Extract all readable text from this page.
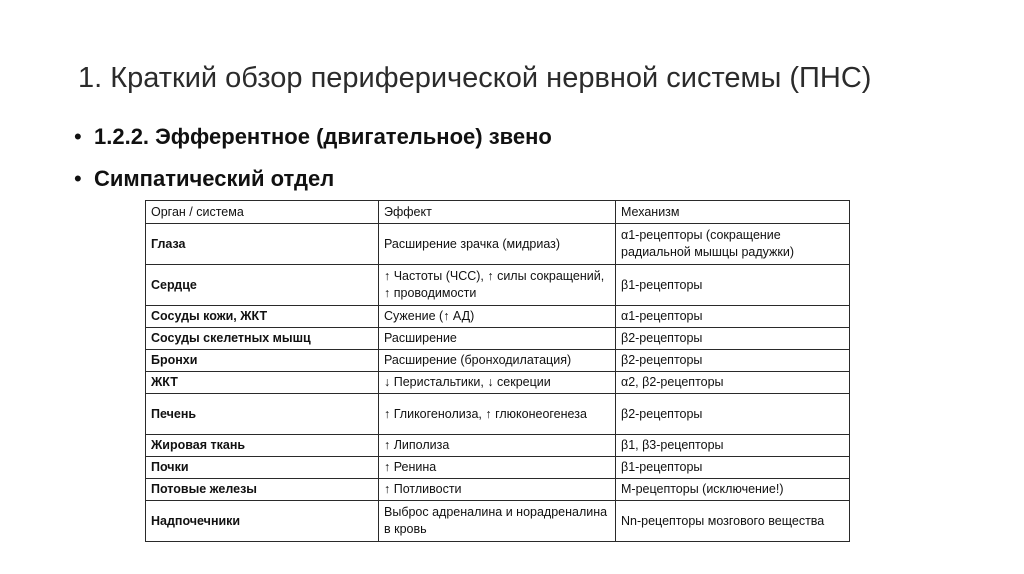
1. Краткий обзор периферической нервной системы (ПНС)
• 1.2.2. Эфферентное (двигательное) звено
• Симпатический отдел
Орган / система	Эффект	Механизм
Глаза	Расширение зрачка (мидриаз)	α1-рецепторы (сокращение радиальной мышцы радужки)
Сердце	↑ Частоты (ЧСС), ↑ силы сокращений, ↑ проводимости	β1-рецепторы
Сосуды кожи, ЖКТ	Сужение (↑ АД)	α1-рецепторы
Сосуды скелетных мышц	Расширение	β2-рецепторы
Бронхи	Расширение (бронходилатация)	β2-рецепторы
ЖКТ	↓ Перистальтики, ↓ секреции	α2, β2-рецепторы
Печень	↑ Гликогенолиза, ↑ глюконеогенеза	β2-рецепторы
Жировая ткань	↑ Липолиза	β1, β3-рецепторы
Почки	↑ Ренина	β1-рецепторы
Потовые железы	↑ Потливости	М-рецепторы (исключение!)
Надпочечники	Выброс адреналина и норадреналина в кровь	Nn-рецепторы мозгового вещества
